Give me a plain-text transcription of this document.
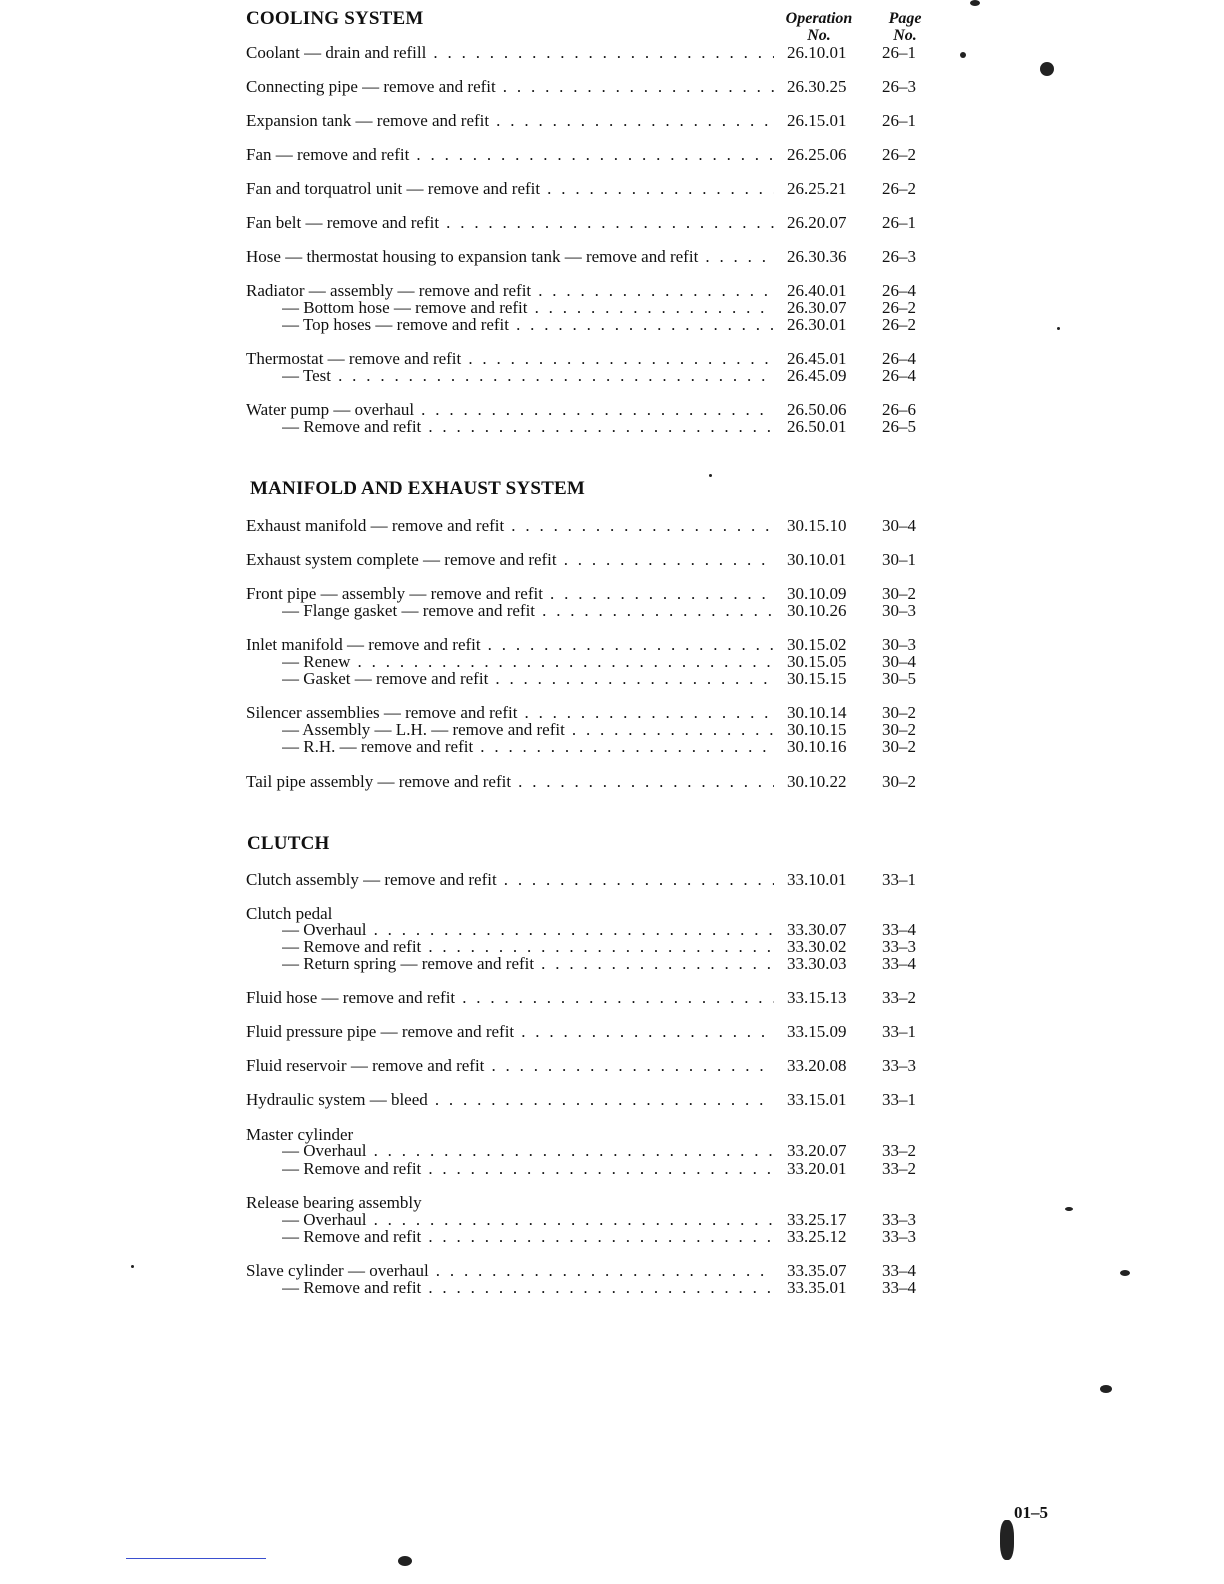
COOLING SYSTEM
MANIFOLD AND EXHAUST SYSTEM
CLUTCH
Operation
No.
Page
No.
Coolant — drain and refill . . .	26.10.01	26–1
Connecting pipe — remove and refit . . .	26.30.25	26–3
Expansion tank — remove and refit . . .	26.15.01	26–1
Fan — remove and refit . . .	26.25.06	26–2
Fan and torquatrol unit — remove and refit . . .	26.25.21	26–2
Fan belt — remove and refit . . .	26.20.07	26–1
Hose — thermostat housing to expansion tank — remove and refit . . .	26.30.36	26–3
Radiator — assembly — remove and refit . . .	26.40.01	26–4
— Bottom hose — remove and refit . . .	26.30.07	26–2
— Top hoses — remove and refit . . .	26.30.01	26–2
Thermostat — remove and refit . . .	26.45.01	26–4
— Test . . .	26.45.09	26–4
Water pump — overhaul . . .	26.50.06	26–6
— Remove and refit . . .	26.50.01	26–5
Exhaust manifold — remove and refit . . .	30.15.10	30–4
Exhaust system complete — remove and refit . . .	30.10.01	30–1
Front pipe — assembly — remove and refit . . .	30.10.09	30–2
— Flange gasket — remove and refit . . .	30.10.26	30–3
Inlet manifold — remove and refit . . .	30.15.02	30–3
— Renew . . .	30.15.05	30–4
— Gasket — remove and refit . . .	30.15.15	30–5
Silencer assemblies — remove and refit . . .	30.10.14	30–2
— Assembly — L.H. — remove and refit . . .	30.10.15	30–2
— R.H. — remove and refit . . .	30.10.16	30–2
Tail pipe assembly — remove and refit . . .	30.10.22	30–2
Clutch assembly — remove and refit . . .	33.10.01	33–1
Clutch pedal
— Overhaul . . .	33.30.07	33–4
— Remove and refit . . .	33.30.02	33–3
— Return spring — remove and refit . . .	33.30.03	33–4
Fluid hose — remove and refit . . .	33.15.13	33–2
Fluid pressure pipe — remove and refit . . .	33.15.09	33–1
Fluid reservoir — remove and refit . . .	33.20.08	33–3
Hydraulic system — bleed . . .	33.15.01	33–1
Master cylinder
— Overhaul . . .	33.20.07	33–2
— Remove and refit . . .	33.20.01	33–2
Release bearing assembly
— Overhaul . . .	33.25.17	33–3
— Remove and refit . . .	33.25.12	33–3
Slave cylinder — overhaul . . .	33.35.07	33–4
— Remove and refit . . .	33.35.01	33–4
01–5
